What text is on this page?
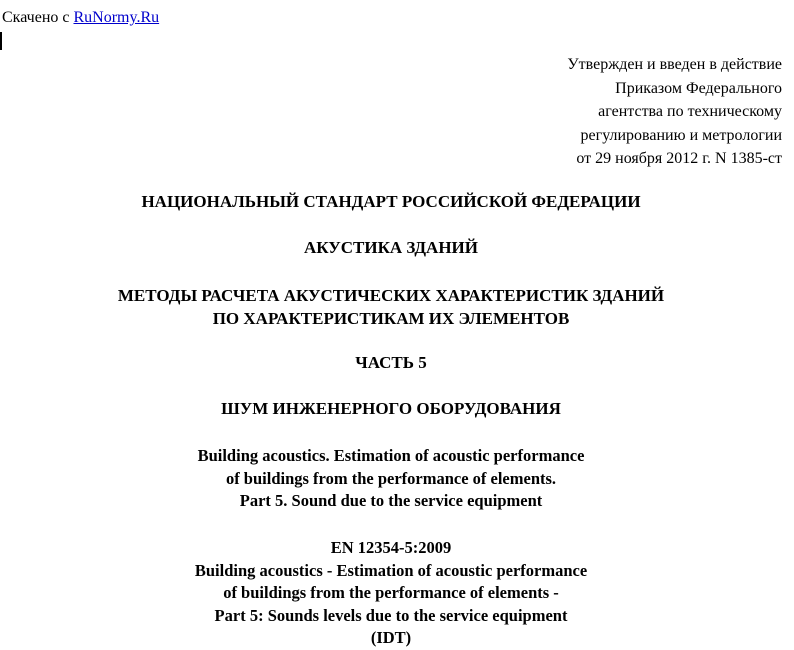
Скачено с RuNormy.Ru
Утвержден и введен в действие
Приказом Федерального
агентства по техническому
регулированию и метрологии
от 29 ноября 2012 г. N 1385-ст
НАЦИОНАЛЬНЫЙ СТАНДАРТ РОССИЙСКОЙ ФЕДЕРАЦИИ
АКУСТИКА ЗДАНИЙ
МЕТОДЫ РАСЧЕТА АКУСТИЧЕСКИХ ХАРАКТЕРИСТИК ЗДАНИЙ
ПО ХАРАКТЕРИСТИКАМ ИХ ЭЛЕМЕНТОВ
ЧАСТЬ 5
ШУМ ИНЖЕНЕРНОГО ОБОРУДОВАНИЯ
Building acoustics. Estimation of acoustic performance
of buildings from the performance of elements.
Part 5. Sound due to the service equipment
EN 12354-5:2009
Building acoustics - Estimation of acoustic performance
of buildings from the performance of elements -
Part 5: Sounds levels due to the service equipment
(IDT)
